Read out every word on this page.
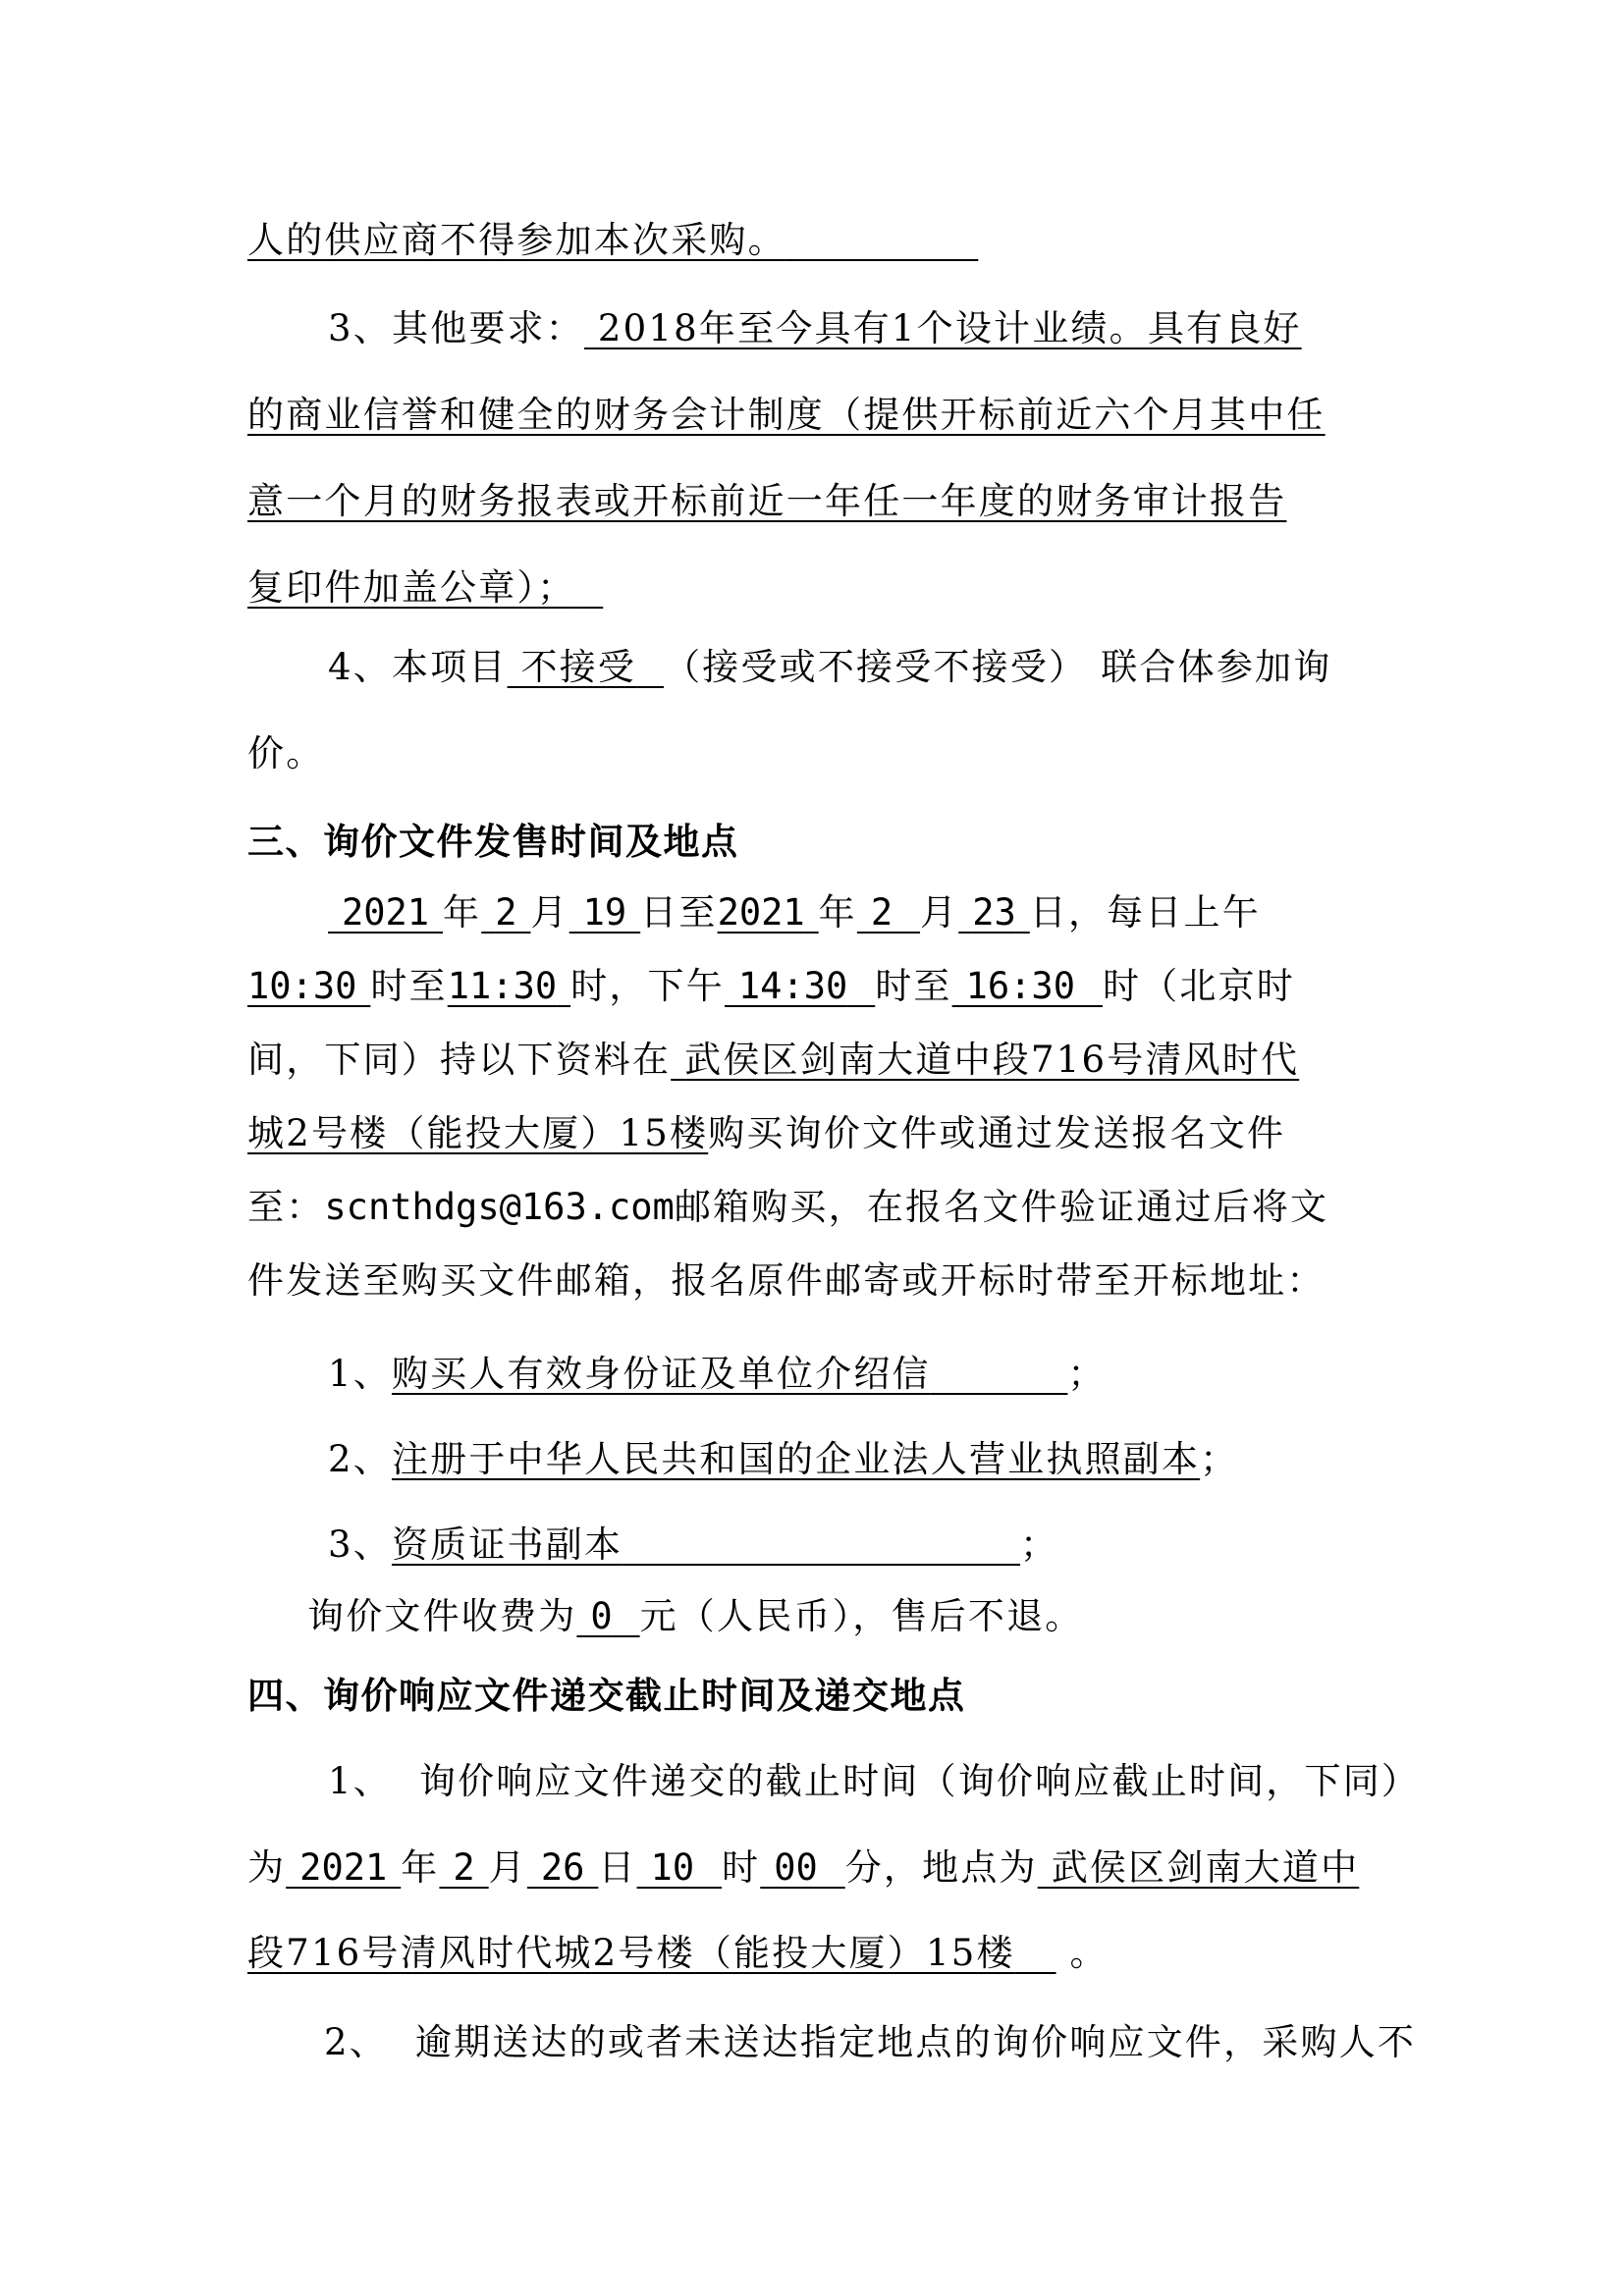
人的供应商不得参加本次采购。
3、其他要求： 2018年至今具有1个设计业绩。具有良好
的商业信誉和健全的财务会计制度（提供开标前近六个月其中任
意一个月的财务报表或开标前近一年任一年度的财务审计报告
复印件加盖公章）；
4、本项目 不接受 （接受或不接受不接受） 联合体参加询
价。
三、询价文件发售时间及地点
2021 年 2 月 19 日至2021 年 2 月 23 日，每日上午
10:30 时至11:30 时，下午 14:30 时至 16:30 时（北京时
间，下同）持以下资料在 武侯区剑南大道中段716号清风时代
城2号楼（能投大厦）15楼购买询价文件或通过发送报名文件
至：scnthdgs@163.com邮箱购买，在报名文件验证通过后将文
件发送至购买文件邮箱，报名原件邮寄或开标时带至开标地址：
1、购买人有效身份证及单位介绍信	；
2、注册于中华人民共和国的企业法人营业执照副本；
3、资质证书副本	；
询价文件收费为 0 元（人民币），售后不退。
四、询价响应文件递交截止时间及递交地点
1、 询价响应文件递交的截止时间（询价响应截止时间，下同）
为 2021 年 2 月 26 日 10 时 00 分，地点为 武侯区剑南大道中
段716号清风时代城2号楼（能投大厦）15楼 。
2、 逾期送达的或者未送达指定地点的询价响应文件，采购人不
